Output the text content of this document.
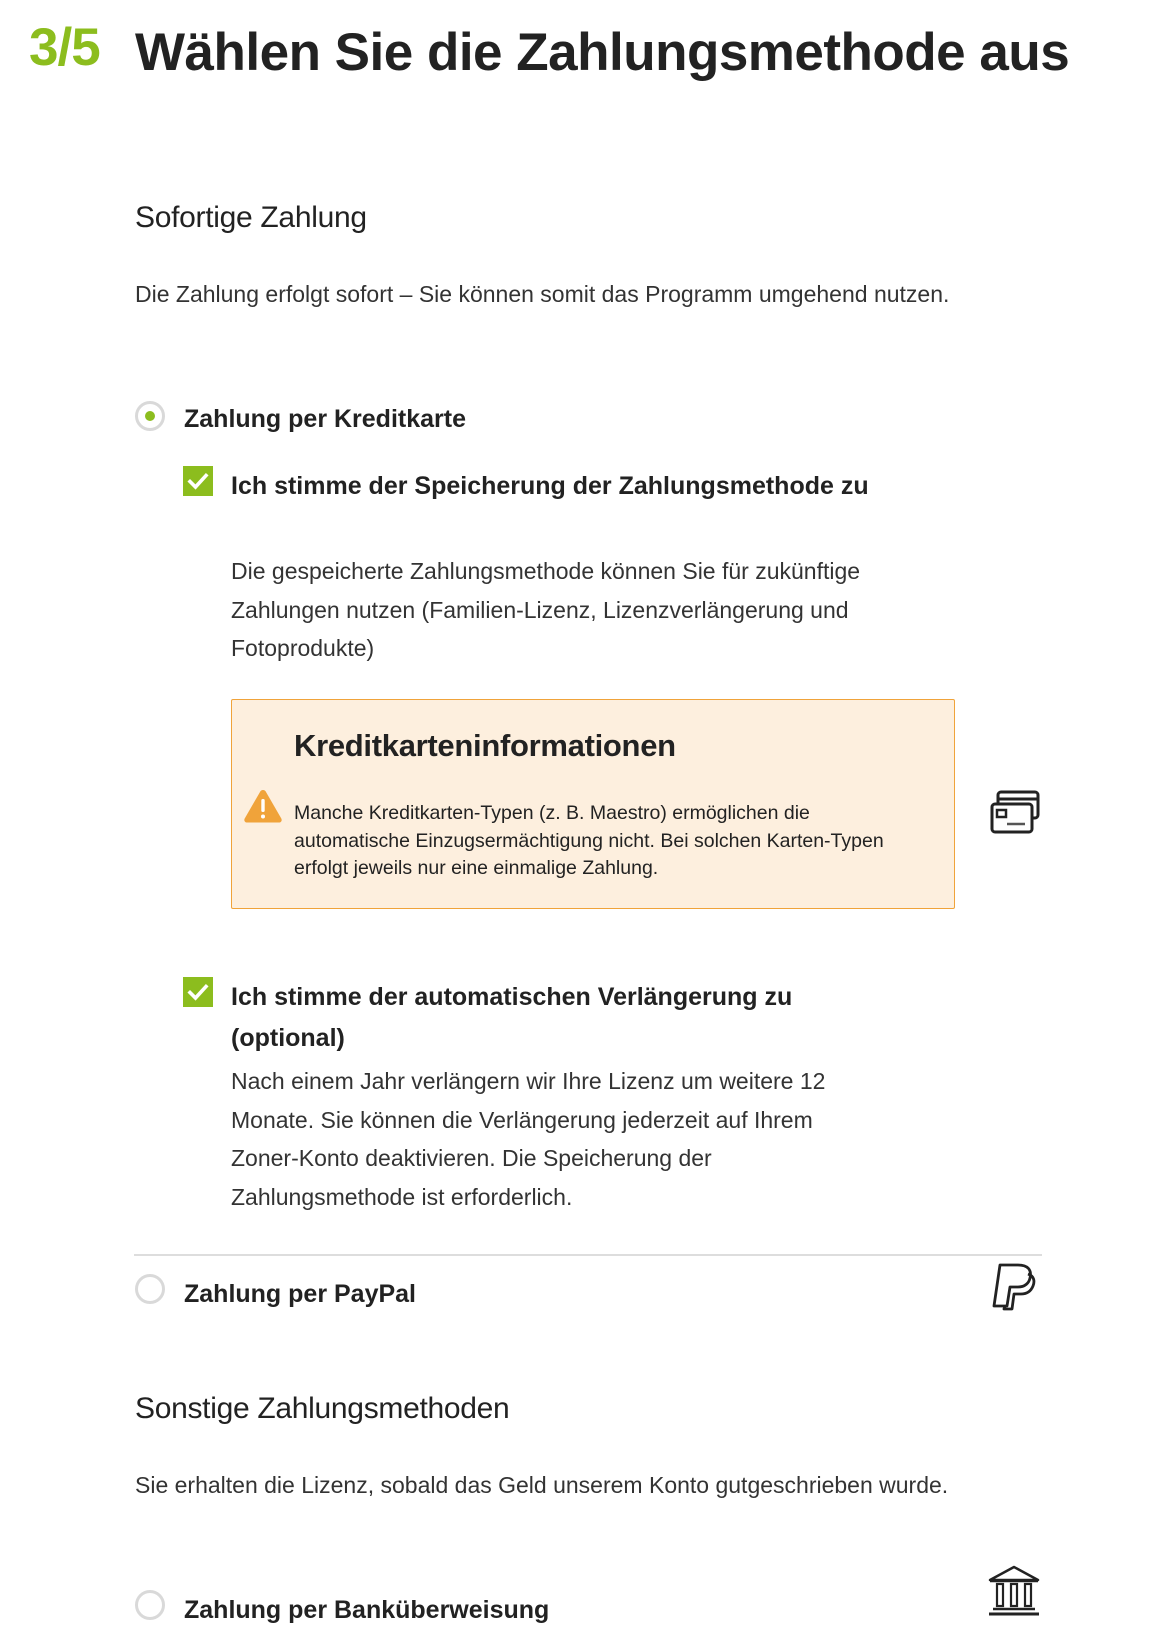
3/5 Wählen Sie die Zahlungsmethode aus
Sofortige Zahlung

Die Zahlung erfolgt sofort – Sie können somit das Programm umgehend nutzen.

Zahlung per Kreditkarte
Ich stimme der Speicherung der Zahlungsmethode zu

Die gespeicherte Zahlungsmethode können Sie für zukünftige Zahlungen nutzen (Familien-Lizenz, Lizenzverlängerung und Fotoprodukte)

Kreditkarteninformationen
Manche Kreditkarten-Typen (z. B. Maestro) ermöglichen die automatische Einzugsermächtigung nicht. Bei solchen Karten-Typen erfolgt jeweils nur eine einmalige Zahlung.
Ich stimme der automatischen Verlängerung zu (optional)

Nach einem Jahr verlängern wir Ihre Lizenz um weitere 12 Monate. Sie können die Verlängerung jederzeit auf Ihrem Zoner-Konto deaktivieren. Die Speicherung der Zahlungsmethode ist erforderlich.

Zahlung per PayPal
Sonstige Zahlungsmethoden

Sie erhalten die Lizenz, sobald das Geld unserem Konto gutgeschrieben wurde.

Zahlung per Banküberweisung
